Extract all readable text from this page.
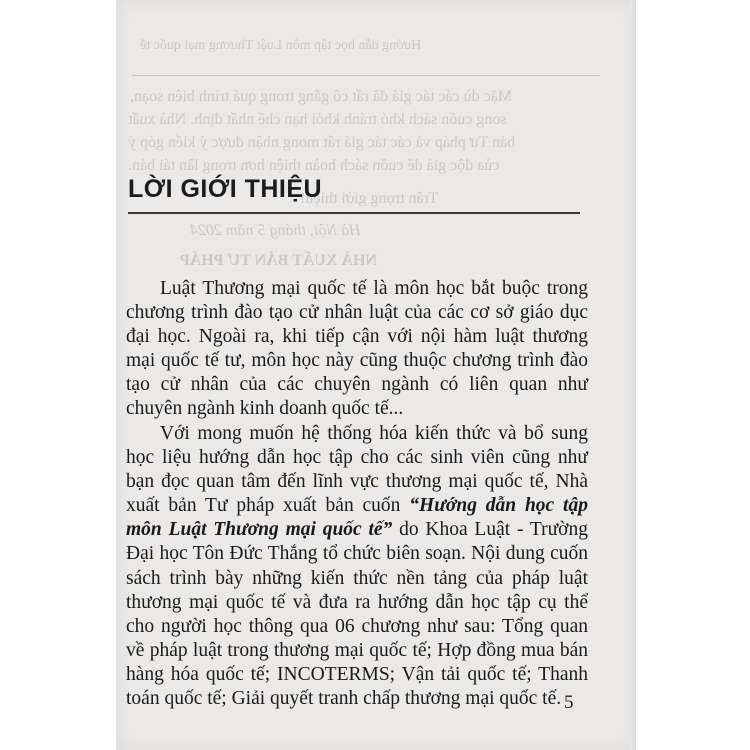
Hướng dẫn học tập môn Luật Thương mại quốc tế
Mặc dù các tác giả đã rất cố gắng trong quá trình biên soạn,
song cuốn sách khó tránh khỏi hạn chế nhất định. Nhà xuất
bản Tư pháp và các tác giả rất mong nhận được ý kiến góp ý
của độc giả để cuốn sách hoàn thiện hơn trong lần tái bản.
Trân trọng giới thiệu!
Hà Nội, tháng 5 năm 2024
NHÀ XUẤT BẢN TƯ PHÁP
LỜI GIỚI THIỆU

Luật Thương mại quốc tế là môn học bắt buộc trong chương trình đào tạo cử nhân luật của các cơ sở giáo dục đại học. Ngoài ra, khi tiếp cận với nội hàm luật thương mại quốc tế tư, môn học này cũng thuộc chương trình đào tạo cử nhân của các chuyên ngành có liên quan như chuyên ngành kinh doanh quốc tế...

Với mong muốn hệ thống hóa kiến thức và bổ sung học liệu hướng dẫn học tập cho các sinh viên cũng như bạn đọc quan tâm đến lĩnh vực thương mại quốc tế, Nhà xuất bản Tư pháp xuất bản cuốn “Hướng dẫn học tập môn Luật Thương mại quốc tế” do Khoa Luật - Trường Đại học Tôn Đức Thắng tổ chức biên soạn. Nội dung cuốn sách trình bày những kiến thức nền tảng của pháp luật thương mại quốc tế và đưa ra hướng dẫn học tập cụ thể cho người học thông qua 06 chương như sau: Tổng quan về pháp luật trong thương mại quốc tế; Hợp đồng mua bán hàng hóa quốc tế; INCOTERMS; Vận tải quốc tế; Thanh toán quốc tế; Giải quyết tranh chấp thương mại quốc tế. 5
